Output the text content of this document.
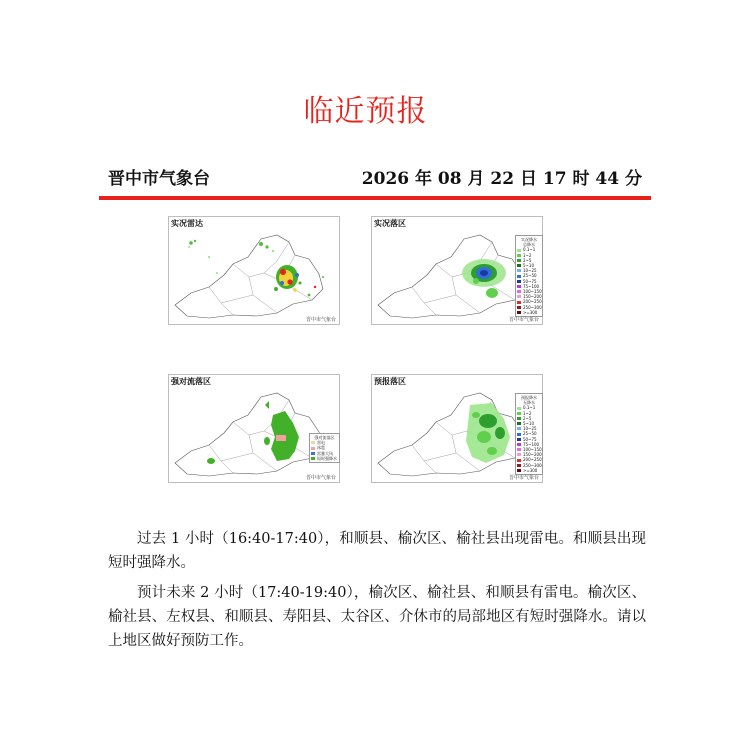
临近预报
晋中市气象台	2026 年 08 月 22 日 17 时 44 分
实况雷达
晋中市气象台
实况落区
实况降水
总降水
0.1~1
1~2
2~5
5~10
10~25
25~50
50~75
75~100
100~150
150~200
200~250
250~300
>=300
晋中市气象台
强对流落区
强对流落区
雷电
冰雹
雷暴大风
短时强降水
晋中市气象台
预报落区
预报降水
无降水
0.1~1
1~2
2~5
5~10
10~25
25~50
50~75
75~100
100~150
150~200
200~250
250~300
>=300
晋中市气象台

过去 1 小时（16:40-17:40），和顺县、榆次区、榆社县出现雷电。和顺县出现短时强降水。

预计未来 2 小时（17:40-19:40），榆次区、榆社县、和顺县有雷电。榆次区、榆社县、左权县、和顺县、寿阳县、太谷区、介休市的局部地区有短时强降水。请以上地区做好预防工作。
